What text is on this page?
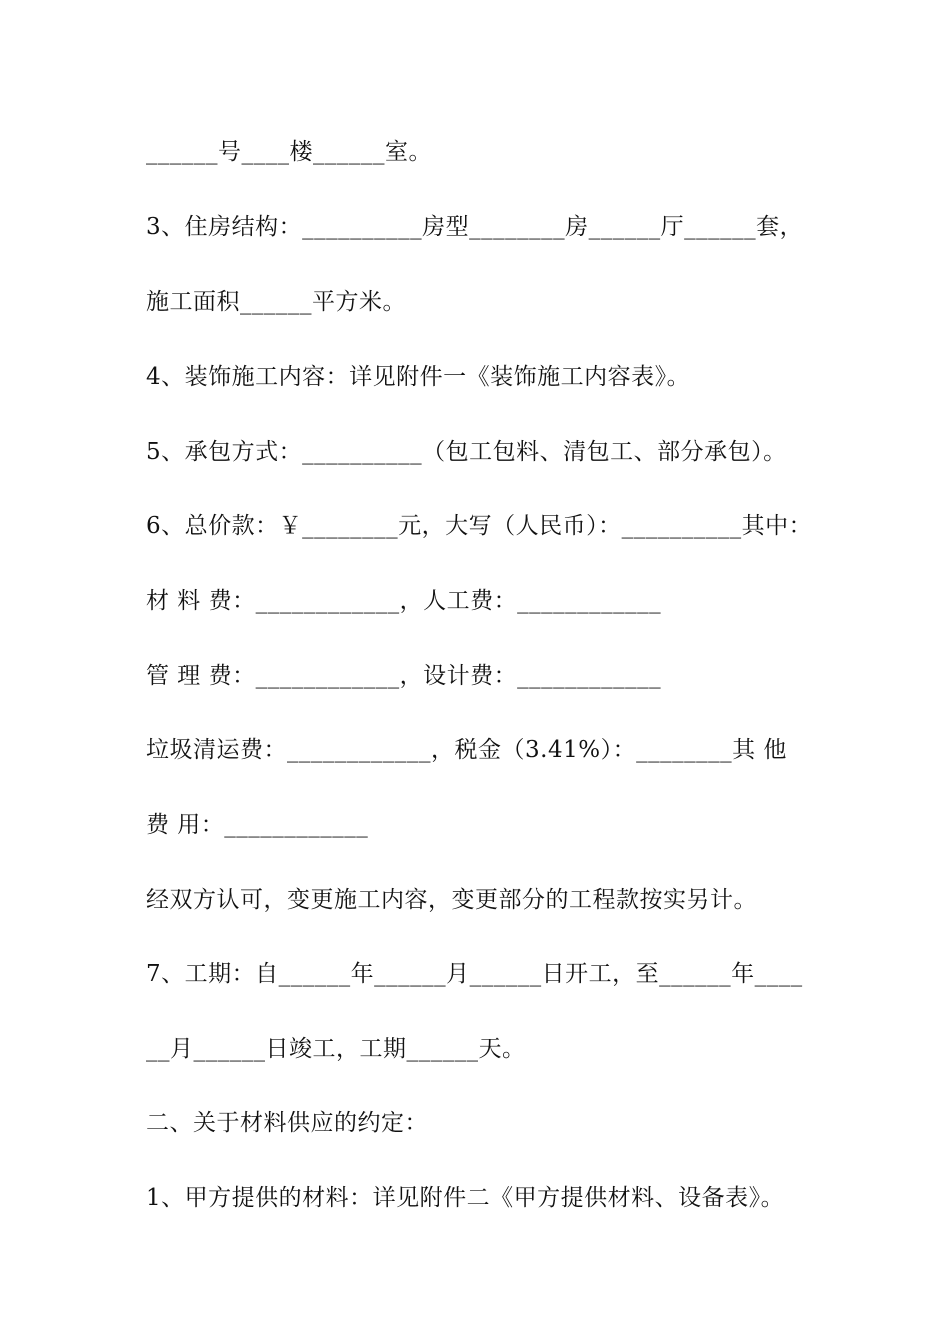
______号____楼______室。
3、住房结构：__________房型________房______厅______套，
施工面积______平方米。
4、装饰施工内容：详见附件一《装饰施工内容表》。
5、承包方式：__________（包工包料、清包工、部分承包）。
6、总价款：￥________元，大写（人民币）：__________其中：
材 料 费：____________，人工费：____________
管 理 费：____________，设计费：____________
垃圾清运费：____________，税金（3.41%）：________其 他
费 用：____________
经双方认可，变更施工内容，变更部分的工程款按实另计。
7、工期：自______年______月______日开工，至______年____
__月______日竣工，工期______天。
二、关于材料供应的约定：
1、甲方提供的材料：详见附件二《甲方提供材料、设备表》。
